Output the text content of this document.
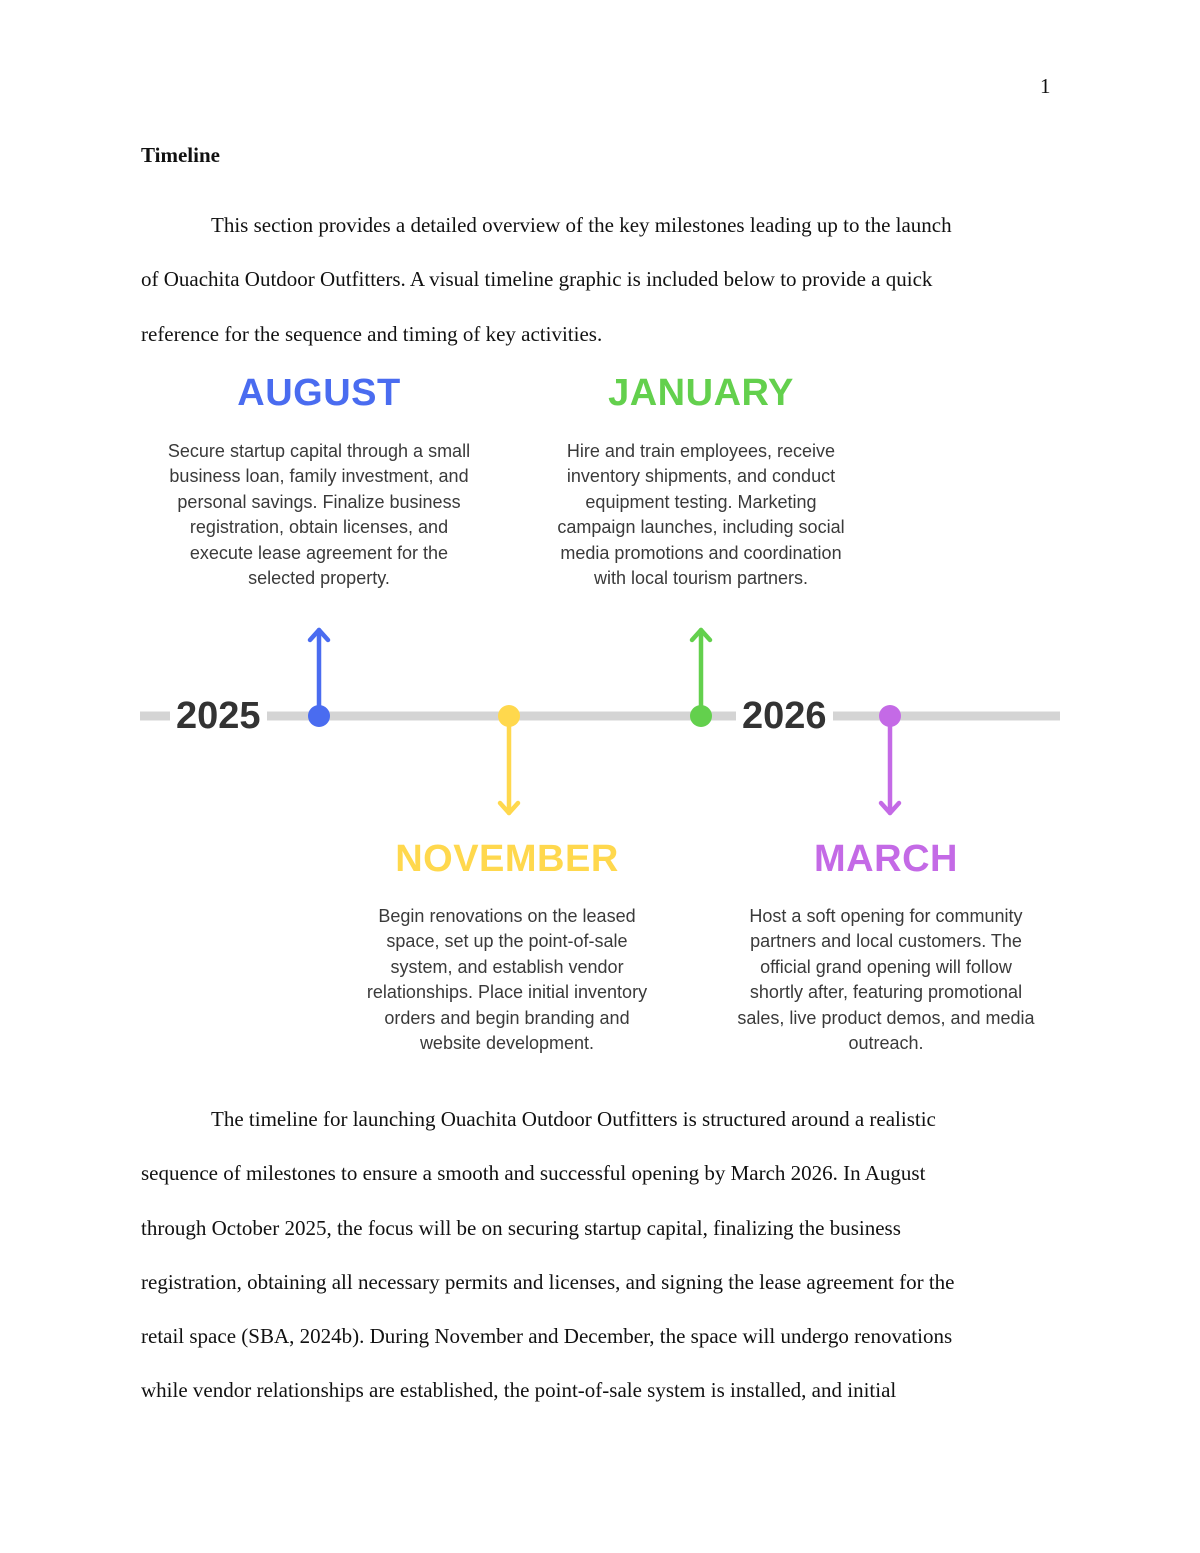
1
Timeline
This section provides a detailed overview of the key milestones leading up to the launch
of Ouachita Outdoor Outfitters. A visual timeline graphic is included below to provide a quick
reference for the sequence and timing of key activities.
2025	2026
AUGUST
Secure startup capital through a small
business loan, family investment, and
personal savings. Finalize business
registration, obtain licenses, and
execute lease agreement for the
selected property.
JANUARY
Hire and train employees, receive
inventory shipments, and conduct
equipment testing. Marketing
campaign launches, including social
media promotions and coordination
with local tourism partners.
NOVEMBER
Begin renovations on the leased
space, set up the point-of-sale
system, and establish vendor
relationships. Place initial inventory
orders and begin branding and
website development.
MARCH
Host a soft opening for community
partners and local customers. The
official grand opening will follow
shortly after, featuring promotional
sales, live product demos, and media
outreach.
The timeline for launching Ouachita Outdoor Outfitters is structured around a realistic
sequence of milestones to ensure a smooth and successful opening by March 2026. In August
through October 2025, the focus will be on securing startup capital, finalizing the business
registration, obtaining all necessary permits and licenses, and signing the lease agreement for the
retail space (SBA, 2024b). During November and December, the space will undergo renovations
while vendor relationships are established, the point-of-sale system is installed, and initial
